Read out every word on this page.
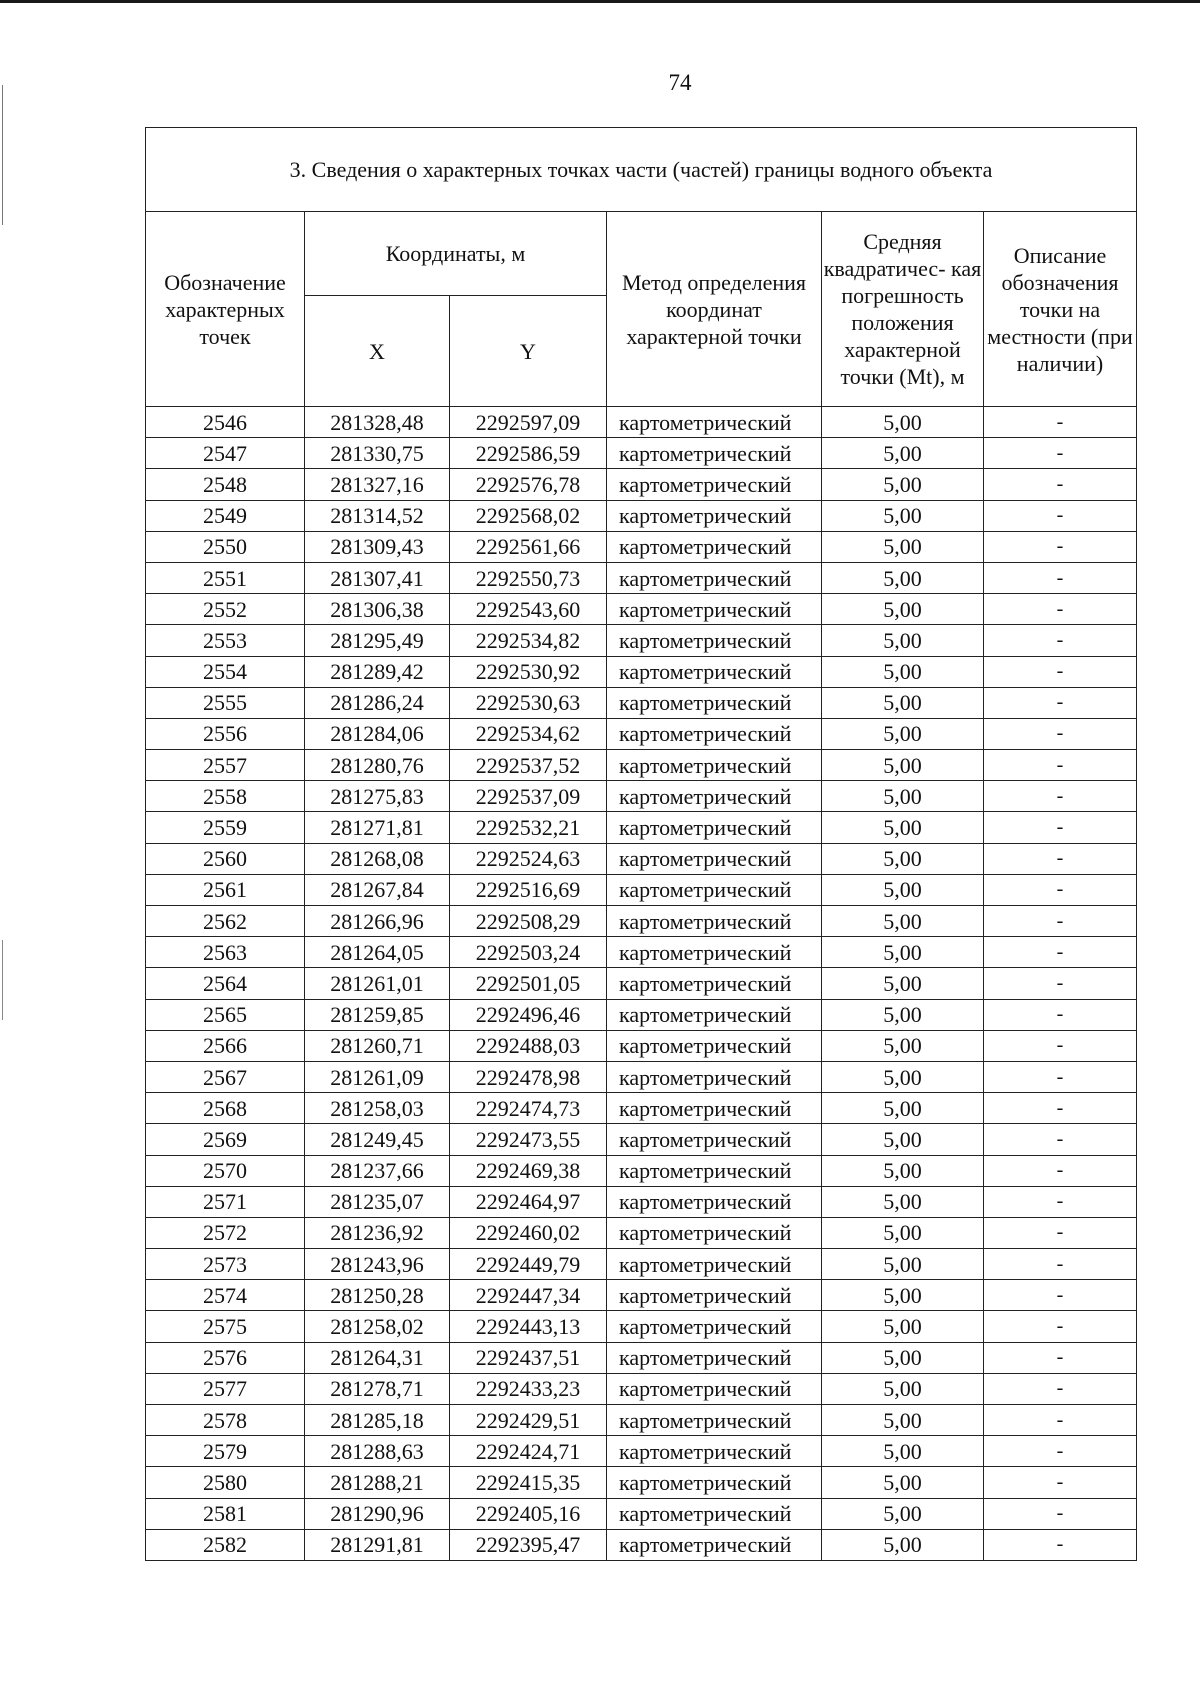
74
3. Сведения о характерных точках части (частей) границы водного объекта					
Обозначение характерных точек	Координаты, м		Метод определения координат характерной точки	Средняя квадратичес- кая погрешность положения характерной точки (Mt), м	Описание обозначения точки на местности (при наличии)
	X	Y			
2546	281328,48	2292597,09	картометрический	5,00	-
2547	281330,75	2292586,59	картометрический	5,00	-
2548	281327,16	2292576,78	картометрический	5,00	-
2549	281314,52	2292568,02	картометрический	5,00	-
2550	281309,43	2292561,66	картометрический	5,00	-
2551	281307,41	2292550,73	картометрический	5,00	-
2552	281306,38	2292543,60	картометрический	5,00	-
2553	281295,49	2292534,82	картометрический	5,00	-
2554	281289,42	2292530,92	картометрический	5,00	-
2555	281286,24	2292530,63	картометрический	5,00	-
2556	281284,06	2292534,62	картометрический	5,00	-
2557	281280,76	2292537,52	картометрический	5,00	-
2558	281275,83	2292537,09	картометрический	5,00	-
2559	281271,81	2292532,21	картометрический	5,00	-
2560	281268,08	2292524,63	картометрический	5,00	-
2561	281267,84	2292516,69	картометрический	5,00	-
2562	281266,96	2292508,29	картометрический	5,00	-
2563	281264,05	2292503,24	картометрический	5,00	-
2564	281261,01	2292501,05	картометрический	5,00	-
2565	281259,85	2292496,46	картометрический	5,00	-
2566	281260,71	2292488,03	картометрический	5,00	-
2567	281261,09	2292478,98	картометрический	5,00	-
2568	281258,03	2292474,73	картометрический	5,00	-
2569	281249,45	2292473,55	картометрический	5,00	-
2570	281237,66	2292469,38	картометрический	5,00	-
2571	281235,07	2292464,97	картометрический	5,00	-
2572	281236,92	2292460,02	картометрический	5,00	-
2573	281243,96	2292449,79	картометрический	5,00	-
2574	281250,28	2292447,34	картометрический	5,00	-
2575	281258,02	2292443,13	картометрический	5,00	-
2576	281264,31	2292437,51	картометрический	5,00	-
2577	281278,71	2292433,23	картометрический	5,00	-
2578	281285,18	2292429,51	картометрический	5,00	-
2579	281288,63	2292424,71	картометрический	5,00	-
2580	281288,21	2292415,35	картометрический	5,00	-
2581	281290,96	2292405,16	картометрический	5,00	-
2582	281291,81	2292395,47	картометрический	5,00	-
